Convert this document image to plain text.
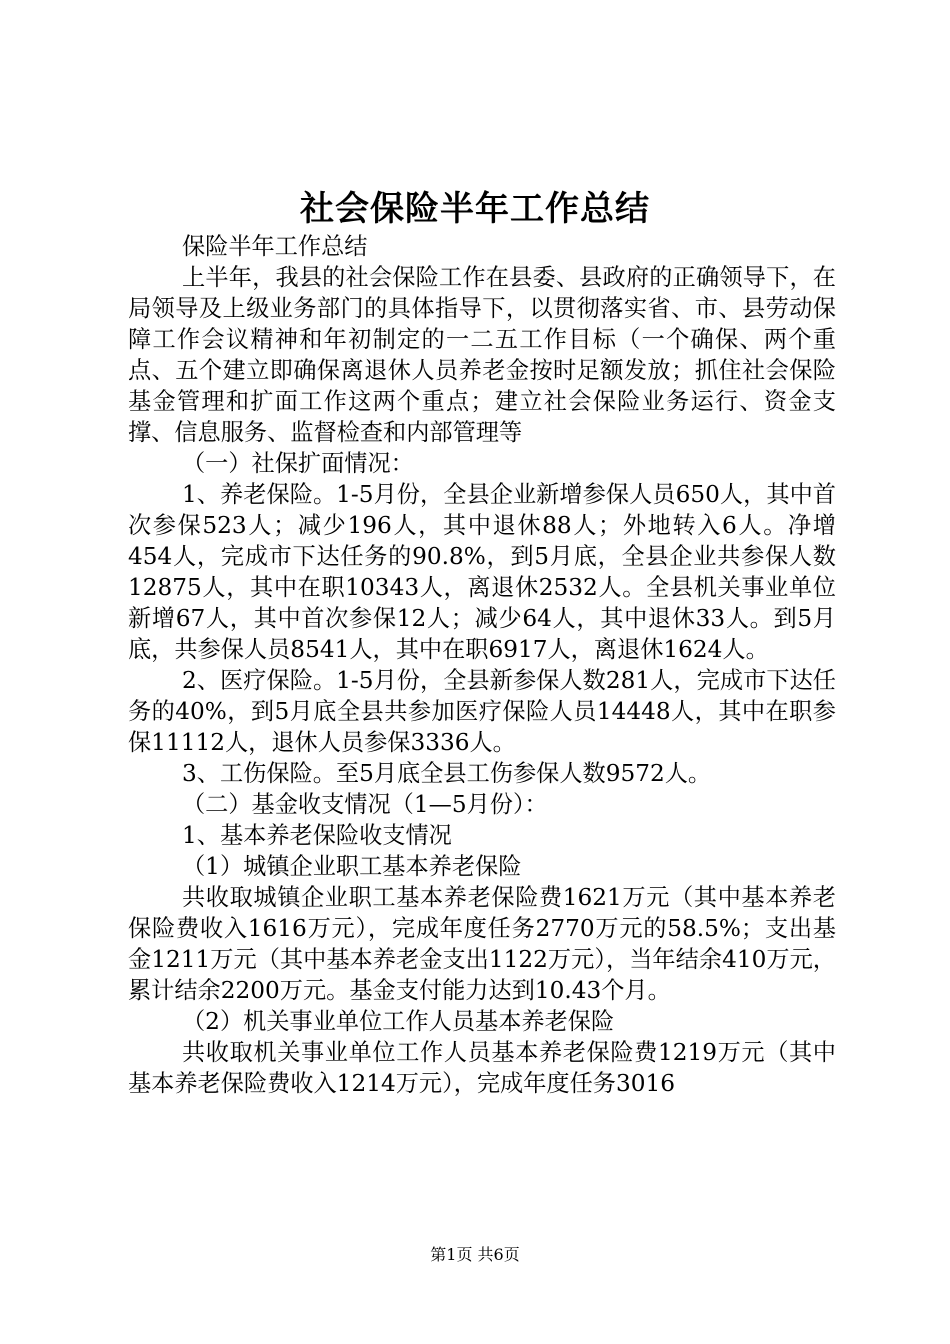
社会保险半年工作总结

保险半年工作总结

上半年，我县的社会保险工作在县委、县政府的正确领导下，在局领导及上级业务部门的具体指导下，以贯彻落实省、市、县劳动保障工作会议精神和年初制定的一二五工作目标（一个确保、两个重点、五个建立即确保离退休人员养老金按时足额发放；抓住社会保险基金管理和扩面工作这两个重点；建立社会保险业务运行、资金支撑、信息服务、监督检查和内部管理等

（一）社保扩面情况：

1、养老保险。1-5月份，全县企业新增参保人员650人，其中首次参保523人；减少196人，其中退休88人；外地转入6人。净增454人，完成市下达任务的90.8%，到5月底，全县企业共参保人数12875人，其中在职10343人，离退休2532人。全县机关事业单位新增67人，其中首次参保12人；减少64人，其中退休33人。到5月底，共参保人员8541人，其中在职6917人，离退休1624人。

2、医疗保险。1-5月份，全县新参保人数281人，完成市下达任务的40%，到5月底全县共参加医疗保险人员14448人，其中在职参保11112人，退休人员参保3336人。

3、工伤保险。至5月底全县工伤参保人数9572人。

（二）基金收支情况（1—5月份）：

1、基本养老保险收支情况

（1）城镇企业职工基本养老保险

共收取城镇企业职工基本养老保险费1621万元（其中基本养老保险费收入1616万元），完成年度任务2770万元的58.5%；支出基金1211万元（其中基本养老金支出1122万元），当年结余410万元，累计结余2200万元。基金支付能力达到10.43个月。

（2）机关事业单位工作人员基本养老保险

共收取机关事业单位工作人员基本养老保险费1219万元（其中基本养老保险费收入1214万元），完成年度任务3016

第1页 共6页
